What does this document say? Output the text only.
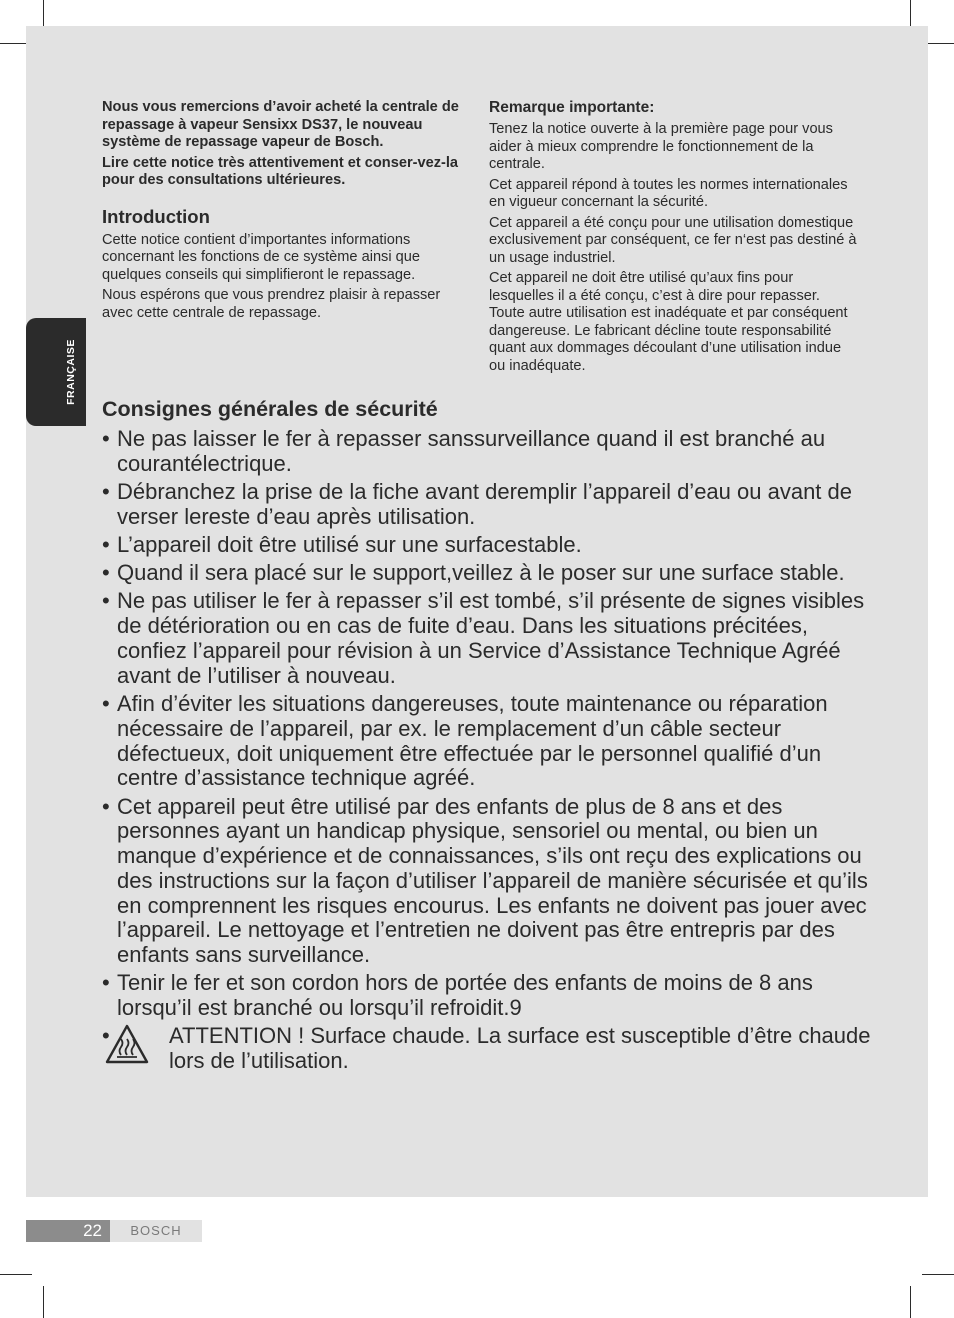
FRANÇAISE

Nous vous remercions d’avoir acheté la centrale de repassage à vapeur Sensixx DS37, le nouveau système de repassage vapeur de Bosch.

Lire cette notice très attentivement et conser-vez-la pour des consultations ultérieures.

Introduction

Cette notice contient d’importantes informations concernant les fonctions de ce système ainsi que quelques conseils qui simplifieront le repassage.

Nous espérons que vous prendrez plaisir à repasser avec cette centrale de repassage.

Remarque importante:

Tenez la notice ouverte à la première page pour vous aider à mieux comprendre le fonctionnement de la centrale.

Cet appareil répond à toutes les normes internationales en vigueur concernant la sécurité.

Cet appareil a été conçu pour une utilisation domestique exclusivement par conséquent, ce fer n‘est pas destiné à un usage industriel.

Cet appareil ne doit être utilisé qu’aux fins pour lesquelles il a été conçu, c’est à dire pour repasser. Toute autre utilisation est inadéquate et par conséquent dangereuse. Le fabricant décline toute responsabilité quant aux dommages découlant d’une utilisation indue ou inadéquate.

Consignes générales de sécurité
• Ne pas laisser le fer à repasser sanssurveillance quand il est branché au courantélectrique.
• Débranchez la prise de la fiche avant deremplir l’appareil d’eau ou avant de verser lereste d’eau après utilisation.
• L’appareil doit être utilisé sur une surfacestable.
• Quand il sera placé sur le support,veillez à le poser sur une surface stable.
• Ne pas utiliser le fer à repasser s’il est tombé, s’il présente de signes visibles de détérioration ou en cas de fuite d’eau. Dans les situations précitées, confiez l’appareil pour révision à un Service d’Assistance Technique Agréé avant de l’utiliser à nouveau.
• Afin d’éviter les situations dangereuses, toute maintenance ou réparation nécessaire de l’appareil, par ex. le remplacement d’un câble secteur défectueux, doit uniquement être effectuée par le personnel qualifié d’un centre d’assistance technique agréé.
• Cet appareil peut être utilisé par des enfants de plus de 8 ans et des personnes ayant un handicap physique, sensoriel ou mental, ou bien un manque d’expérience et de connaissances, s’ils ont reçu des explications ou des instructions sur la façon d’utiliser l’appareil de manière sécurisée et qu’ils en comprennent les risques encourus. Les enfants ne doivent pas jouer avec l’appareil. Le nettoyage et l’entretien ne doivent pas être entrepris par des enfants sans surveillance.
• Tenir le fer et son cordon hors de portée des enfants de moins de 8 ans lorsqu’il est branché ou lorsqu’il refroidit.9
•	ATTENTION ! Surface chaude. La surface est susceptible d’être chaude lors de l’utilisation.
22	BOSCH
